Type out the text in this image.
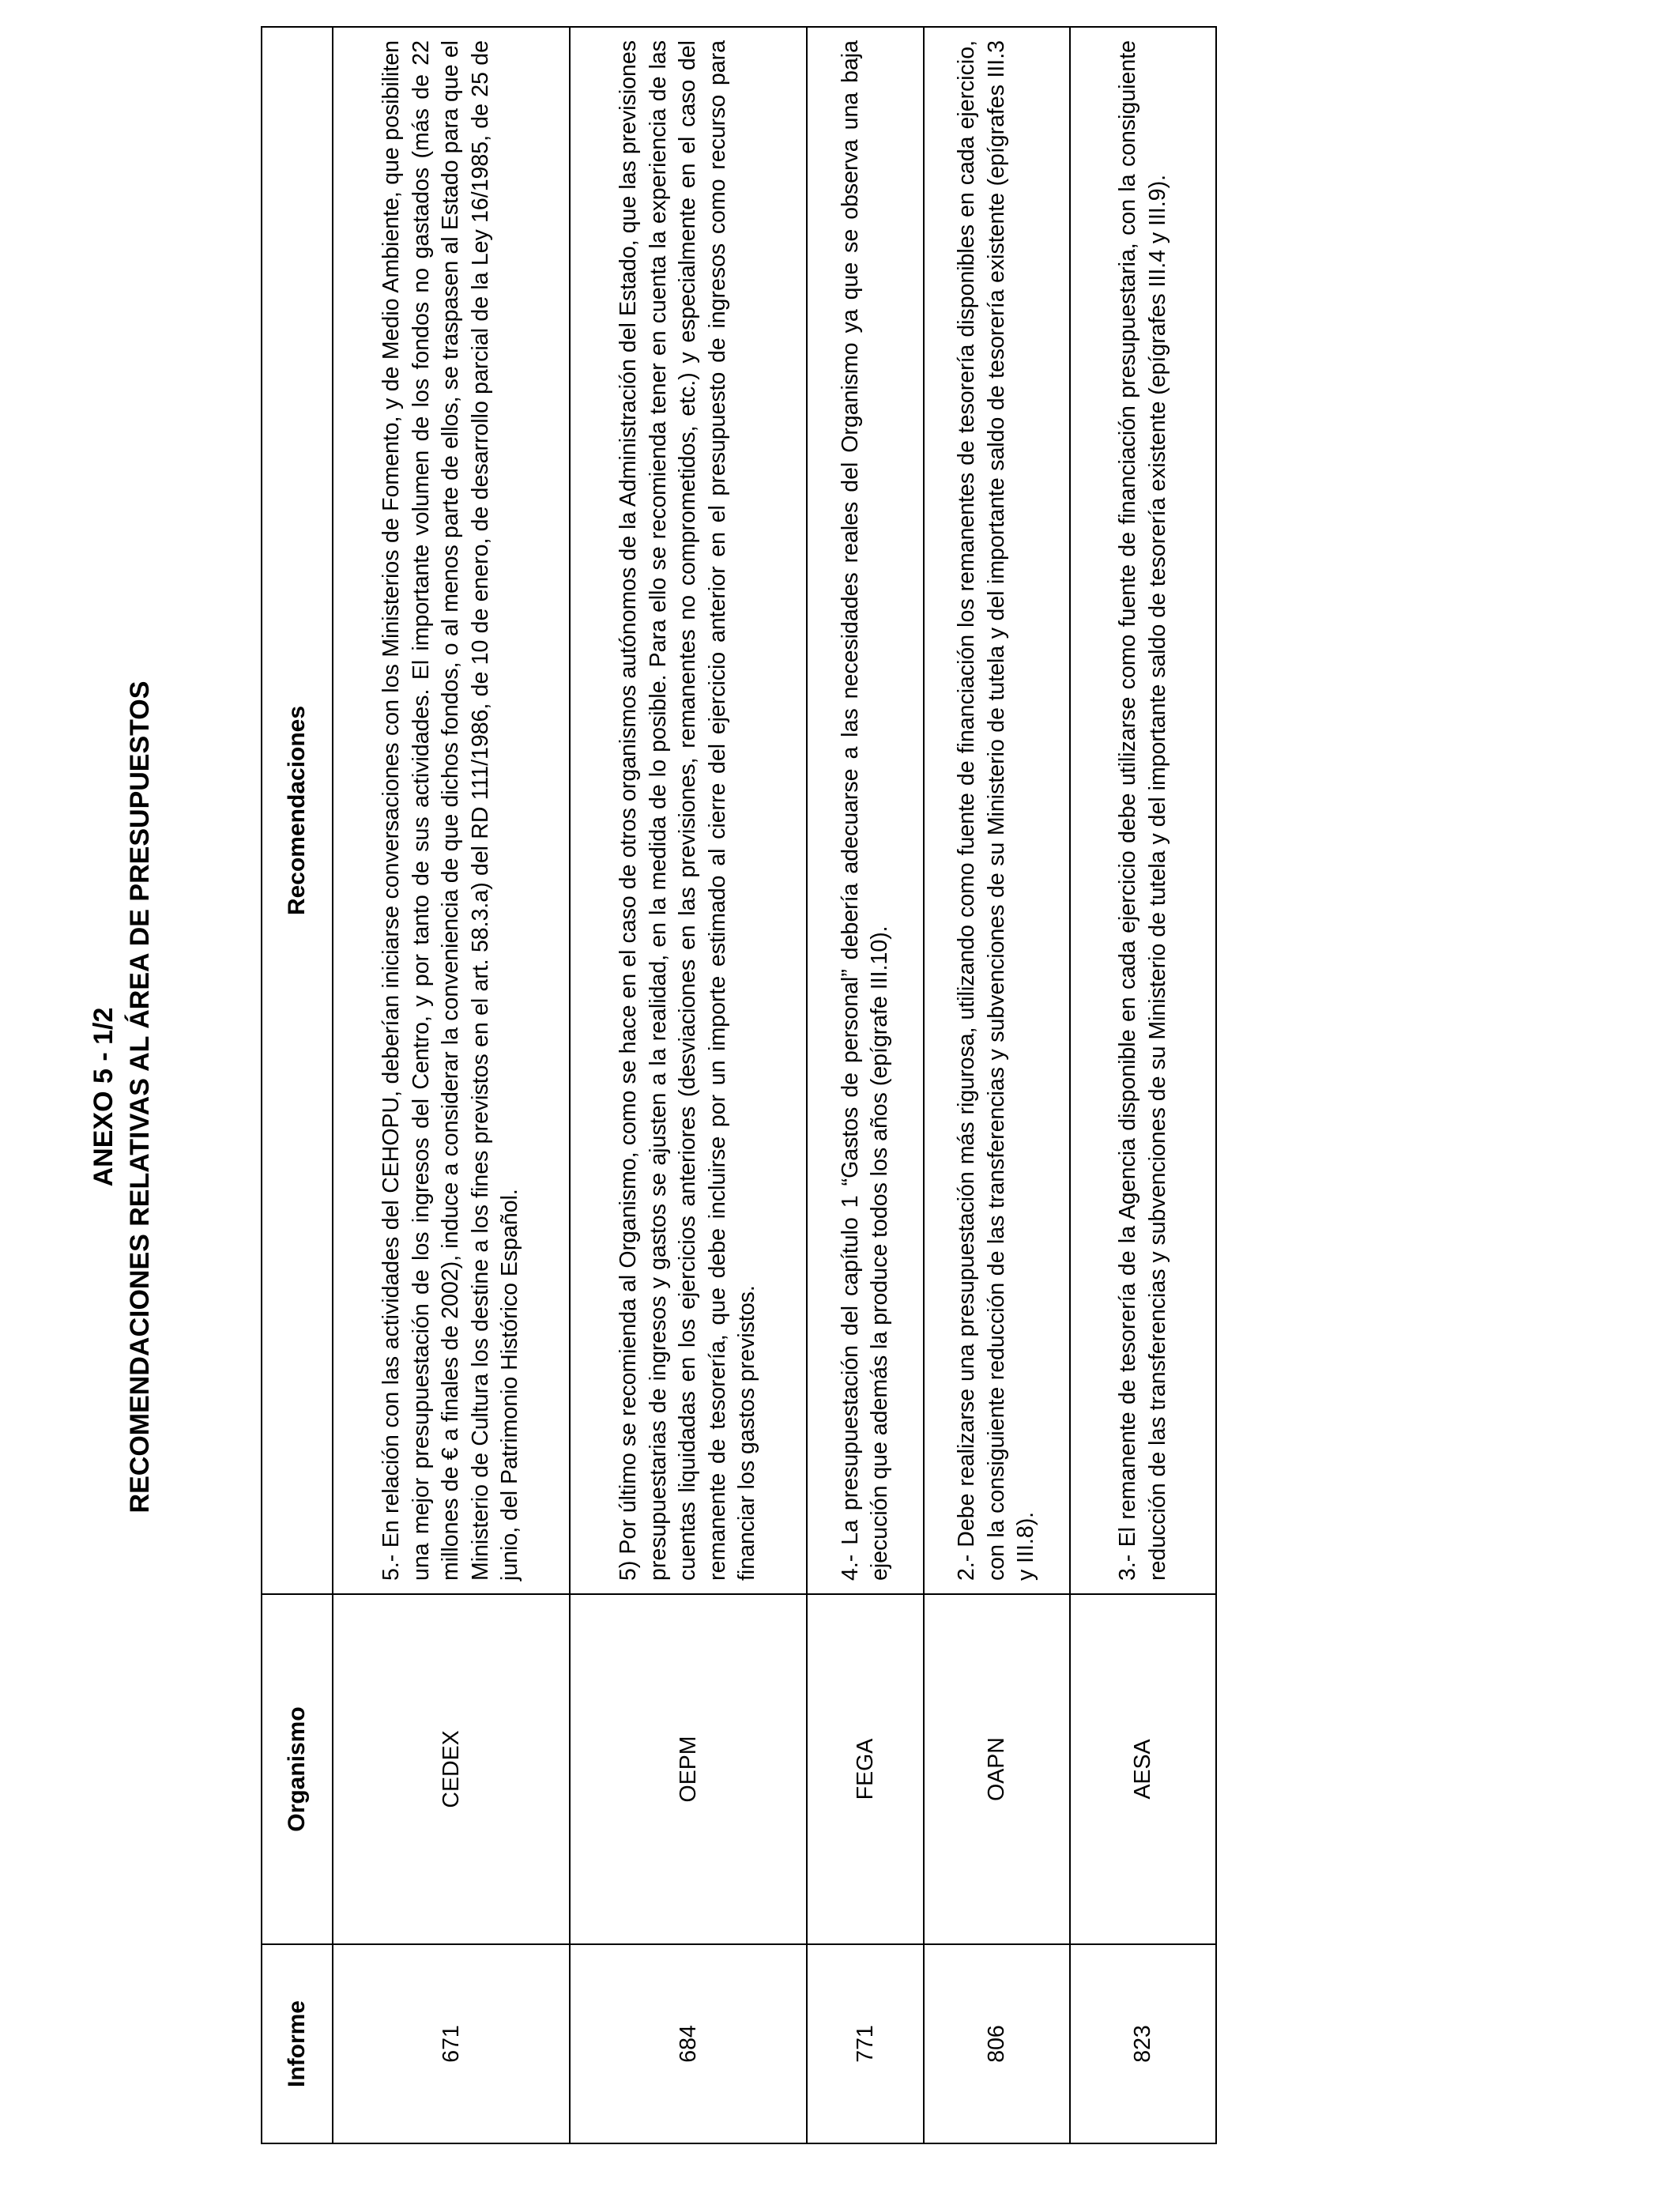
ANEXO 5 - 1/2 RECOMENDACIONES RELATIVAS AL ÁREA DE PRESUPUESTOS
Informe	Organismo	Recomendaciones
671	CEDEX	5.- En relación con las actividades del CEHOPU, deberían iniciarse conversaciones con los Ministerios de Fomento, y de Medio Ambiente, que posibiliten una mejor presupuestación de los ingresos del Centro, y por tanto de sus actividades. El importante volumen de los fondos no gastados (más de 22 millones de € a finales de 2002), induce a considerar la conveniencia de que dichos fondos, o al menos parte de ellos, se traspasen al Estado para que el Ministerio de Cultura los destine a los fines previstos en el art. 58.3.a) del RD 111/1986, de 10 de enero, de desarrollo parcial de la Ley 16/1985, de 25 de junio, del Patrimonio Histórico Español.
684	OEPM	5) Por último se recomienda al Organismo, como se hace en el caso de otros organismos autónomos de la Administración del Estado, que las previsiones presupuestarias de ingresos y gastos se ajusten a la realidad, en la medida de lo posible. Para ello se recomienda tener en cuenta la experiencia de las cuentas liquidadas en los ejercicios anteriores (desviaciones en las previsiones, remanentes no comprometidos, etc.) y especialmente en el caso del remanente de tesorería, que debe incluirse por un importe estimado al cierre del ejercicio anterior en el presupuesto de ingresos como recurso para financiar los gastos previstos.
771	FEGA	4.- La presupuestación del capítulo 1 “Gastos de personal” debería adecuarse a las necesidades reales del Organismo ya que se observa una baja ejecución que además la produce todos los años (epígrafe III.10).
806	OAPN	2.- Debe realizarse una presupuestación más rigurosa, utilizando como fuente de financiación los remanentes de tesorería disponibles en cada ejercicio, con la consiguiente reducción de las transferencias y subvenciones de su Ministerio de tutela y del importante saldo de tesorería existente (epígrafes III.3 y III.8).
823	AESA	3.- El remanente de tesorería de la Agencia disponible en cada ejercicio debe utilizarse como fuente de financiación presupuestaria, con la consiguiente reducción de las transferencias y subvenciones de su Ministerio de tutela y del importante saldo de tesorería existente (epígrafes III.4 y III.9).
